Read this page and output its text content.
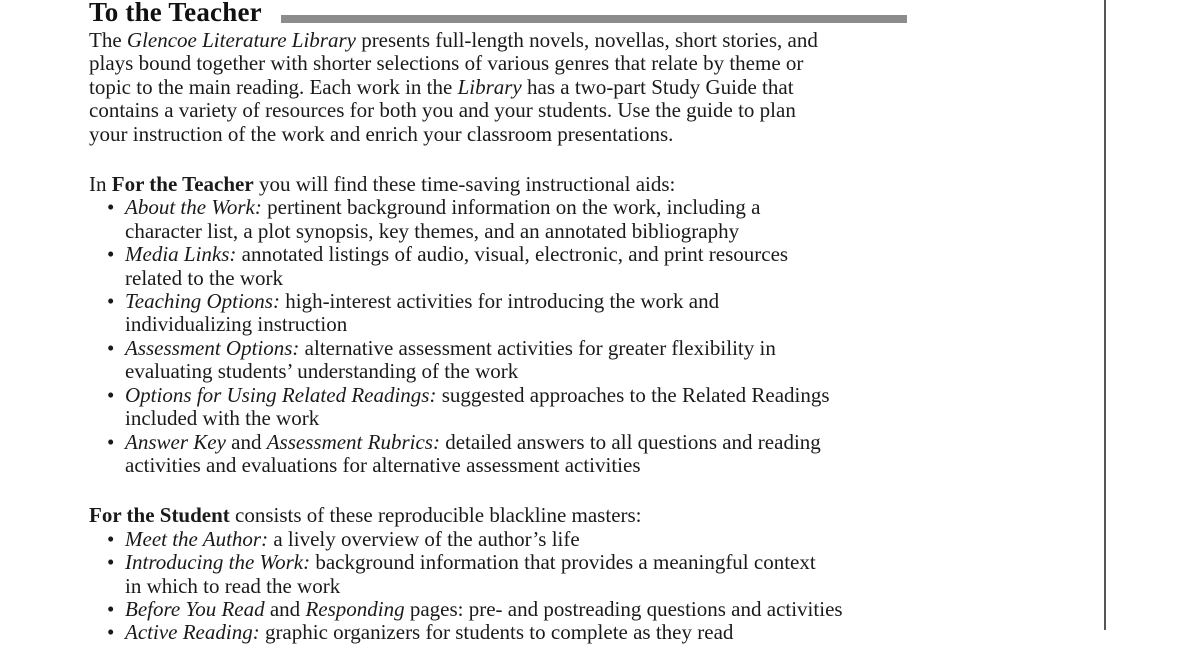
To the Teacher

The Glencoe Literature Library presents full-length novels, novellas, short stories, and
plays bound together with shorter selections of various genres that relate by theme or
topic to the main reading. Each work in the Library has a two-part Study Guide that
contains a variety of resources for both you and your students. Use the guide to plan
your instruction of the work and enrich your classroom presentations.

In For the Teacher you will find these time-saving instructional aids:

• About the Work: pertinent background information on the work, including a
character list, a plot synopsis, key themes, and an annotated bibliography
• Media Links: annotated listings of audio, visual, electronic, and print resources
related to the work
• Teaching Options: high-interest activities for introducing the work and
individualizing instruction
• Assessment Options: alternative assessment activities for greater flexibility in
evaluating students’ understanding of the work
• Options for Using Related Readings: suggested approaches to the Related Readings
included with the work
• Answer Key and Assessment Rubrics: detailed answers to all questions and reading
activities and evaluations for alternative assessment activities

For the Student consists of these reproducible blackline masters:

• Meet the Author: a lively overview of the author’s life
• Introducing the Work: background information that provides a meaningful context
in which to read the work
• Before You Read and Responding pages: pre- and postreading questions and activities
• Active Reading: graphic organizers for students to complete as they read
